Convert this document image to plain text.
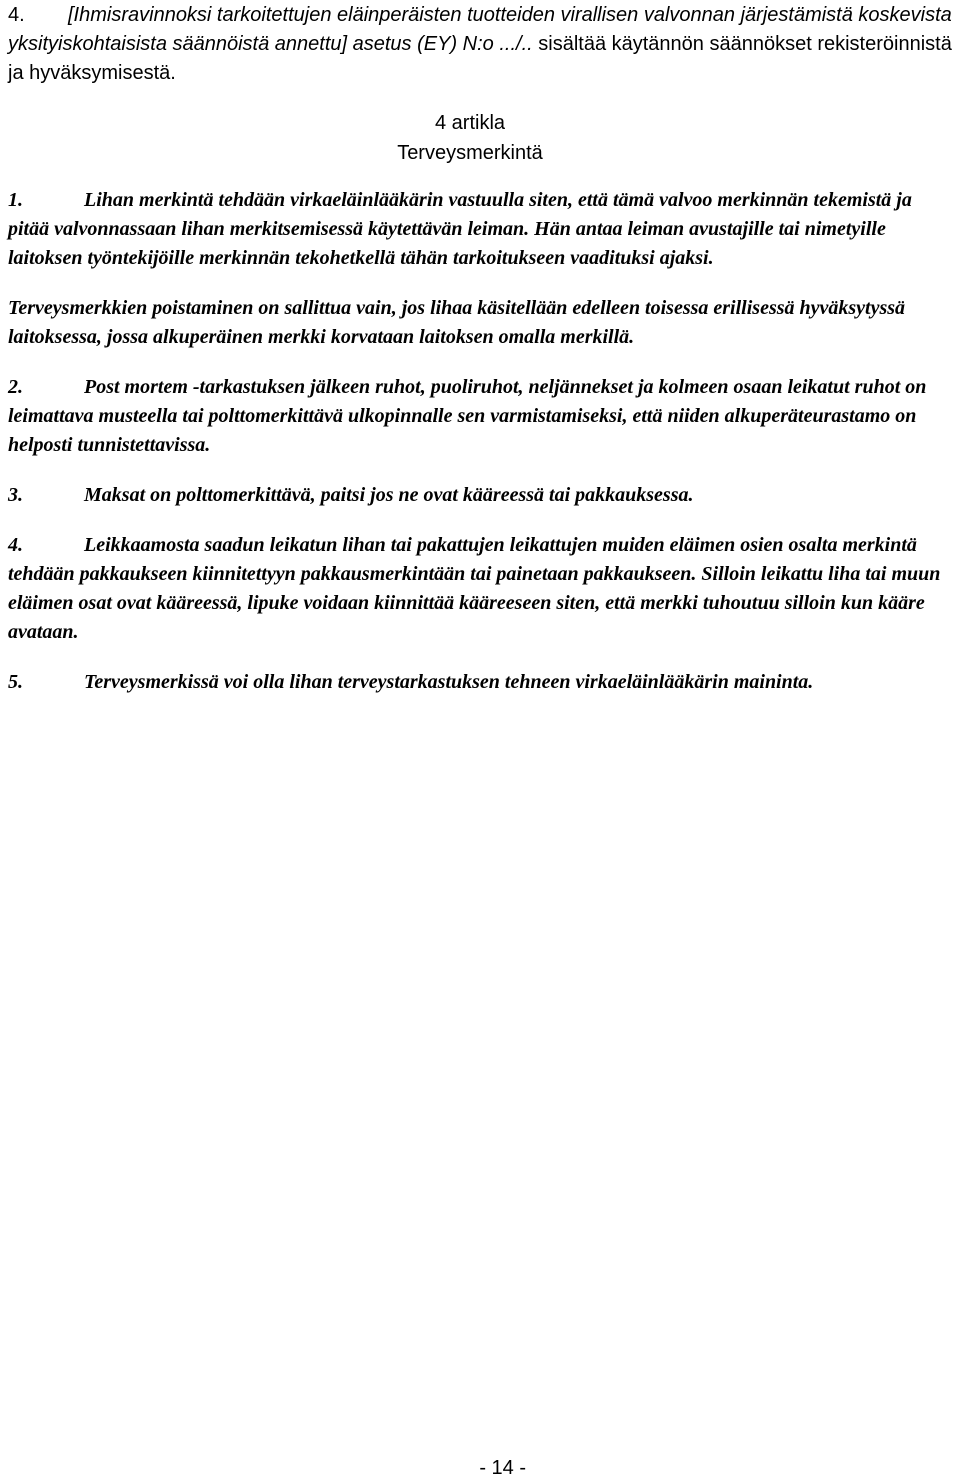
4.	[Ihmisravinnoksi tarkoitettujen eläinperäisten tuotteiden virallisen valvonnan järjestämistä koskevista yksityiskohtaisista säännöistä annettu] asetus (EY) N:o .../.. sisältää käytännön säännökset rekisteröinnistä ja hyväksymisestä.
4 artikla
Terveysmerkintä

1.	Lihan merkintä tehdään virkaeläinlääkärin vastuulla siten, että tämä valvoo merkinnän tekemistä ja pitää valvonnassaan lihan merkitsemisessä käytettävän leiman. Hän antaa leiman avustajille tai nimetyille laitoksen työntekijöille merkinnän tekohetkellä tähän tarkoitukseen vaadituksi ajaksi.

Terveysmerkkien poistaminen on sallittua vain, jos lihaa käsitellään edelleen toisessa erillisessä hyväksytyssä laitoksessa, jossa alkuperäinen merkki korvataan laitoksen omalla merkillä.

2.	Post mortem -tarkastuksen jälkeen ruhot, puoliruhot, neljännekset ja kolmeen osaan leikatut ruhot on leimattava musteella tai polttomerkittävä ulkopinnalle sen varmistamiseksi, että niiden alkuperäteurastamo on helposti tunnistettavissa.

3.	Maksat on polttomerkittävä, paitsi jos ne ovat kääreessä tai pakkauksessa.

4.	Leikkaamosta saadun leikatun lihan tai pakattujen leikattujen muiden eläimen osien osalta merkintä tehdään pakkaukseen kiinnitettyyn pakkausmerkintään tai painetaan pakkaukseen. Silloin leikattu liha tai muun eläimen osat ovat kääreessä, lipuke voidaan kiinnittää kääreeseen siten, että merkki tuhoutuu silloin kun kääre avataan.

5.	Terveysmerkissä voi olla lihan terveystarkastuksen tehneen virkaeläinlääkärin maininta.

- 14 -
